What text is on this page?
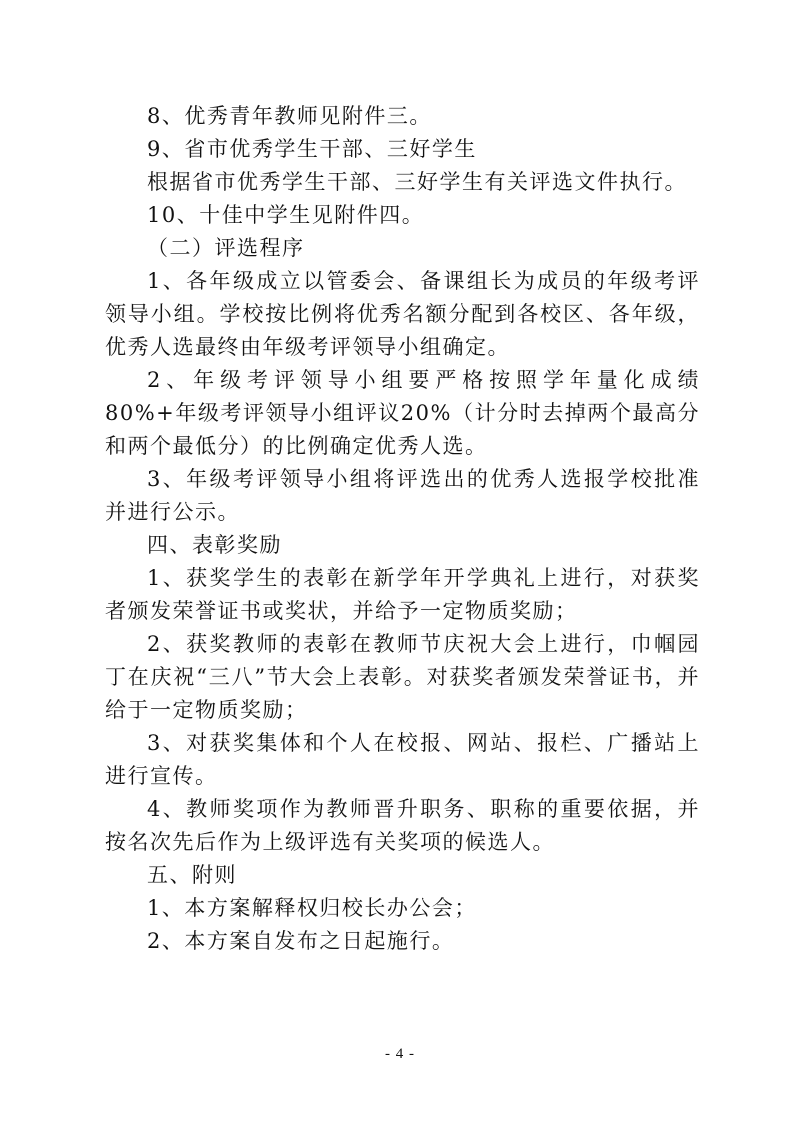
8、优秀青年教师见附件三。

9、省市优秀学生干部、三好学生

根据省市优秀学生干部、三好学生有关评选文件执行。

10、十佳中学生见附件四。

（二）评选程序

1、各年级成立以管委会、备课组长为成员的年级考评领导小组。学校按比例将优秀名额分配到各校区、各年级，优秀人选最终由年级考评领导小组确定。

2、年级考评领导小组要严格按照学年量化成绩80%+年级考评领导小组评议20%（计分时去掉两个最高分和两个最低分）的比例确定优秀人选。

3、年级考评领导小组将评选出的优秀人选报学校批准并进行公示。

四、表彰奖励

1、获奖学生的表彰在新学年开学典礼上进行，对获奖者颁发荣誉证书或奖状，并给予一定物质奖励；

2、获奖教师的表彰在教师节庆祝大会上进行，巾帼园丁在庆祝“三八”节大会上表彰。对获奖者颁发荣誉证书，并给于一定物质奖励；

3、对获奖集体和个人在校报、网站、报栏、广播站上进行宣传。

4、教师奖项作为教师晋升职务、职称的重要依据，并按名次先后作为上级评选有关奖项的候选人。

五、附则

1、本方案解释权归校长办公会；

2、本方案自发布之日起施行。

- 4 -
